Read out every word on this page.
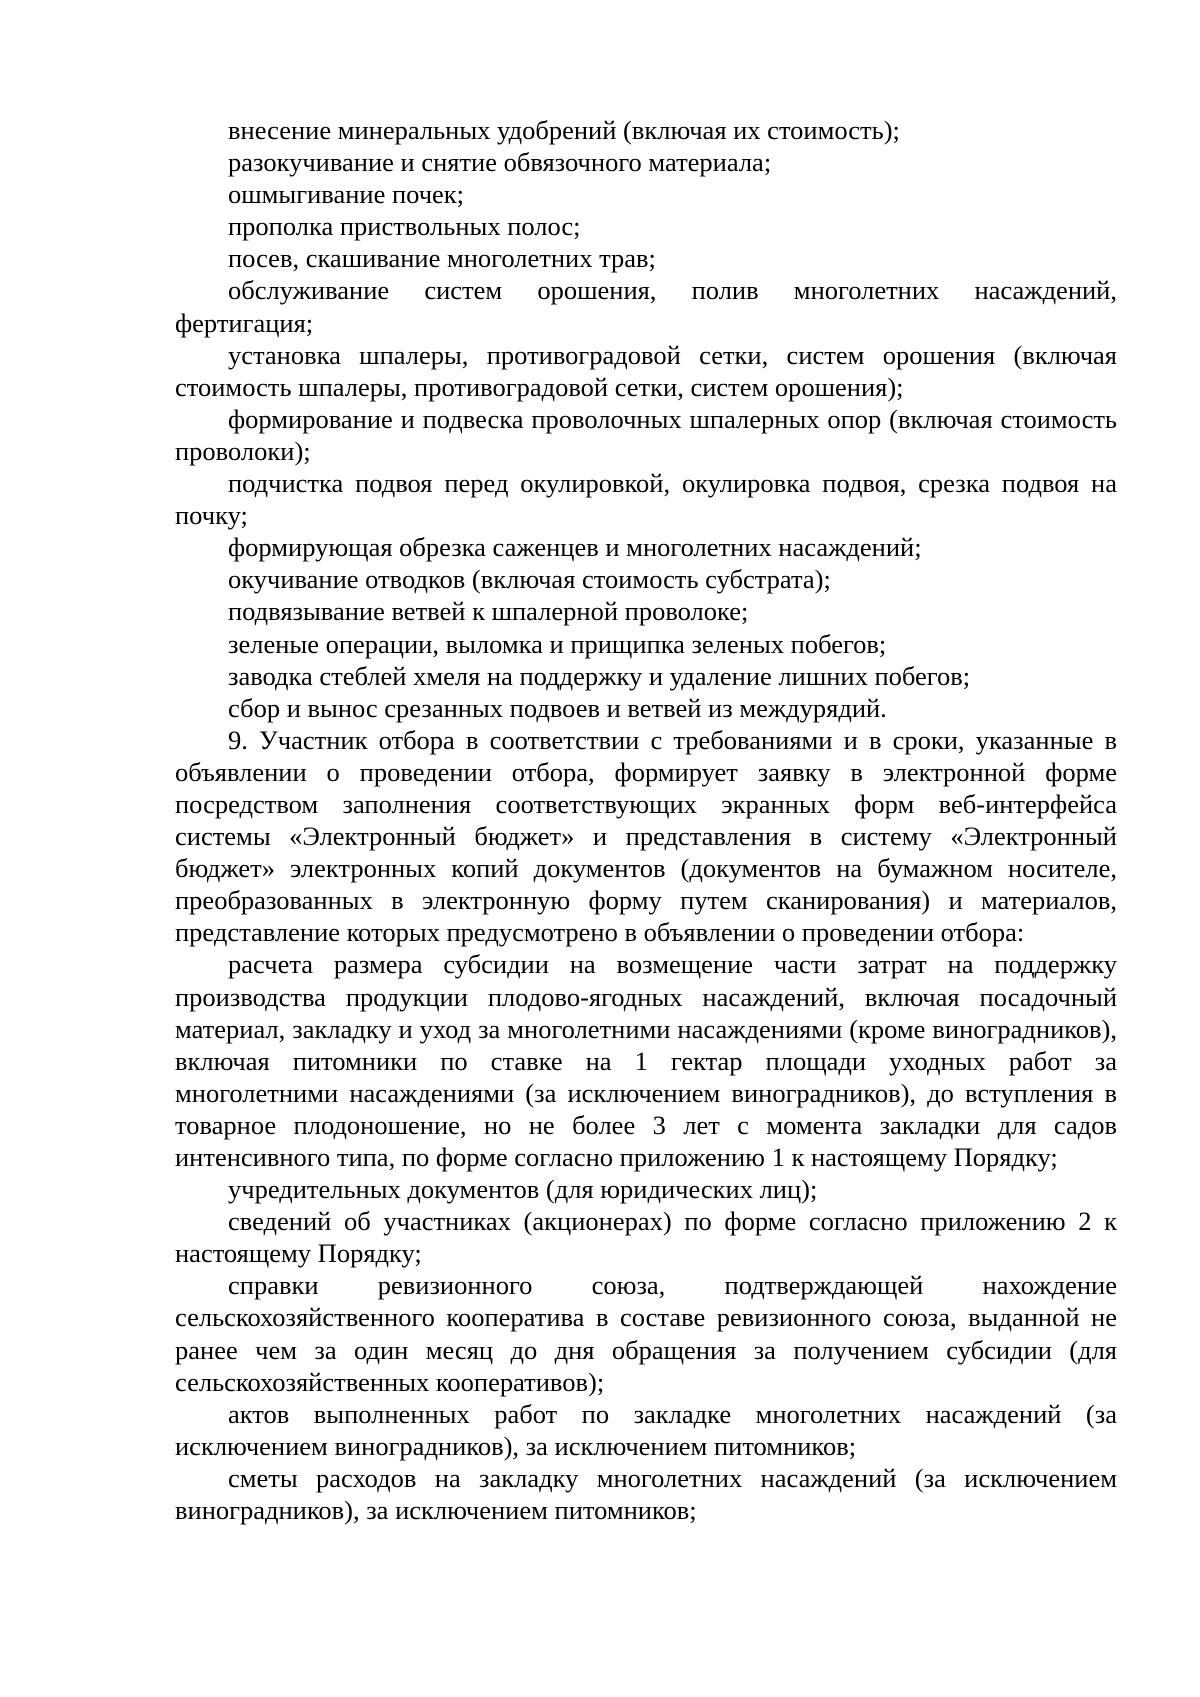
внесение минеральных удобрений (включая их стоимость);

разокучивание и снятие обвязочного материала;

ошмыгивание почек;

прополка приствольных полос;

посев, скашивание многолетних трав;

обслуживание систем орошения, полив многолетних насаждений, фертигация;

установка шпалеры, противоградовой сетки, систем орошения (включая стоимость шпалеры, противоградовой сетки, систем орошения);

формирование и подвеска проволочных шпалерных опор (включая стоимость проволоки);

подчистка подвоя перед окулировкой, окулировка подвоя, срезка подвоя на почку;

формирующая обрезка саженцев и многолетних насаждений;

окучивание отводков (включая стоимость субстрата);

подвязывание ветвей к шпалерной проволоке;

зеленые операции, выломка и прищипка зеленых побегов;

заводка стеблей хмеля на поддержку и удаление лишних побегов;

сбор и вынос срезанных подвоев и ветвей из междурядий.

9. Участник отбора в соответствии с требованиями и в сроки, указанные в объявлении о проведении отбора, формирует заявку в электронной форме посредством заполнения соответствующих экранных форм веб-интерфейса системы «Электронный бюджет» и представления в систему «Электронный бюджет» электронных копий документов (документов на бумажном носителе, преобразованных в электронную форму путем сканирования) и материалов, представление которых предусмотрено в объявлении о проведении отбора:

расчета размера субсидии на возмещение части затрат на поддержку производства продукции плодово-ягодных насаждений, включая посадочный материал, закладку и уход за многолетними насаждениями (кроме виноградников), включая питомники по ставке на 1 гектар площади уходных работ за многолетними насаждениями (за исключением виноградников), до вступления в товарное плодоношение, но не более 3 лет с момента закладки для садов интенсивного типа, по форме согласно приложению 1 к настоящему Порядку;

учредительных документов (для юридических лиц);

сведений об участниках (акционерах) по форме согласно приложению 2 к настоящему Порядку;

справки ревизионного союза, подтверждающей нахождение сельскохозяйственного кооператива в составе ревизионного союза, выданной не ранее чем за один месяц до дня обращения за получением субсидии (для сельскохозяйственных кооперативов);

актов выполненных работ по закладке многолетних насаждений (за исключением виноградников), за исключением питомников;

сметы расходов на закладку многолетних насаждений (за исключением виноградников), за исключением питомников;
